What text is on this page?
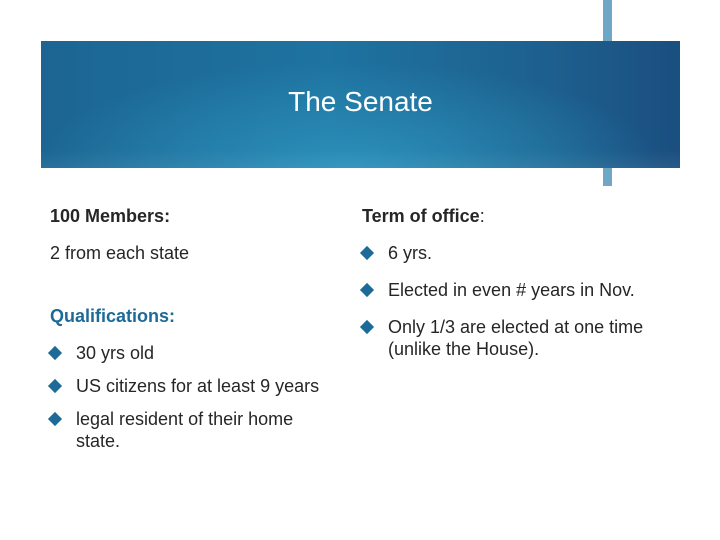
The Senate
100 Members:
2 from each state
Qualifications:
30 yrs old
US citizens for at least 9 years
legal resident of their home state.
Term of office:
6 yrs.
Elected in even # years in Nov.
Only 1/3 are elected at one time (unlike the House).
